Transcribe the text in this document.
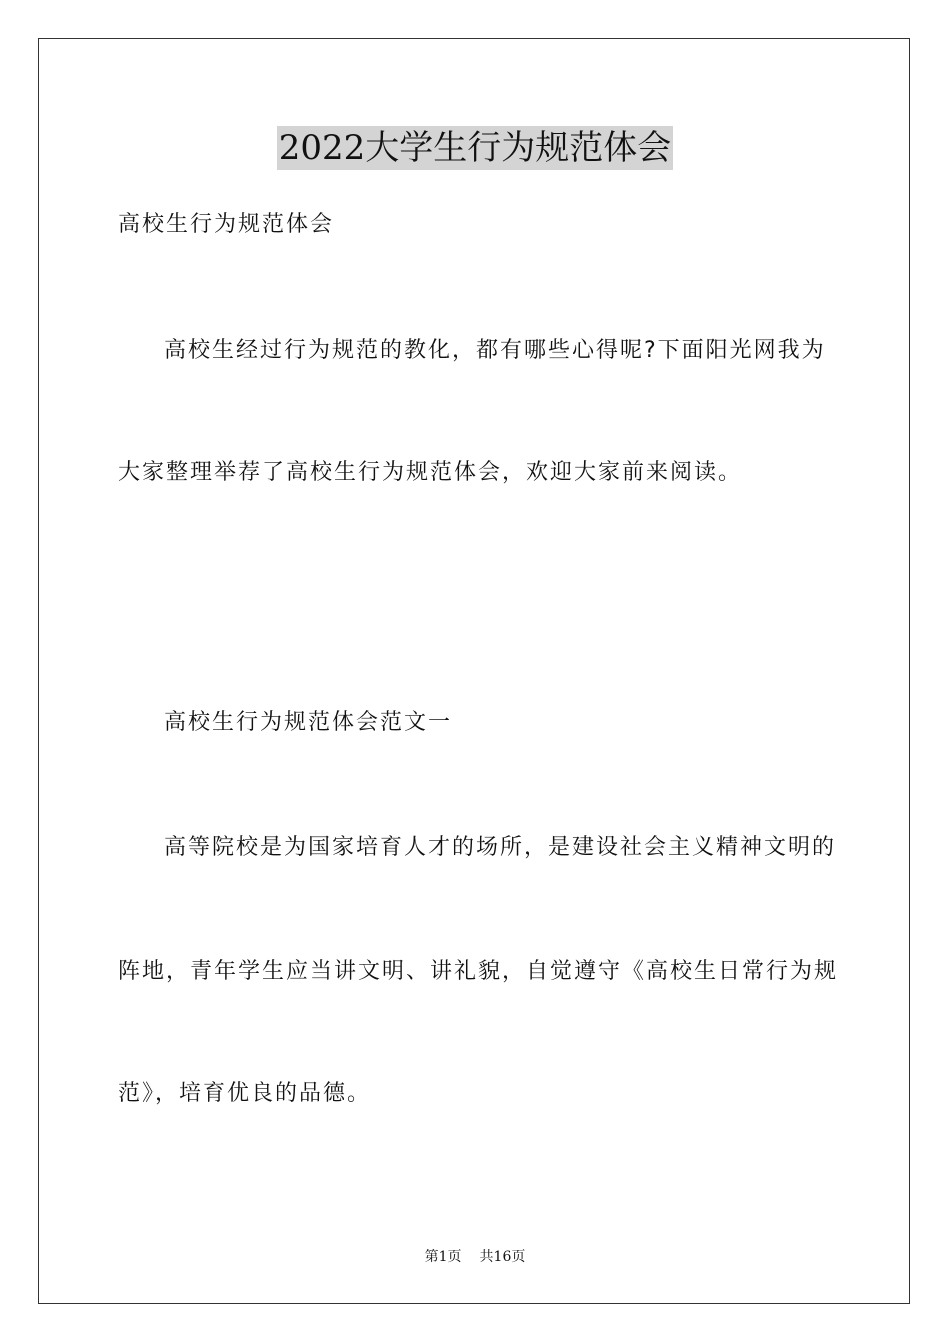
2022大学生行为规范体会
高校生行为规范体会
高校生经过行为规范的教化，都有哪些心得呢?下面阳光网我为
大家整理举荐了高校生行为规范体会，欢迎大家前来阅读。
高校生行为规范体会范文一
高等院校是为国家培育人才的场所，是建设社会主义精神文明的
阵地，青年学生应当讲文明、讲礼貌，自觉遵守《高校生日常行为规
范》，培育优良的品德。
第1页 共16页
